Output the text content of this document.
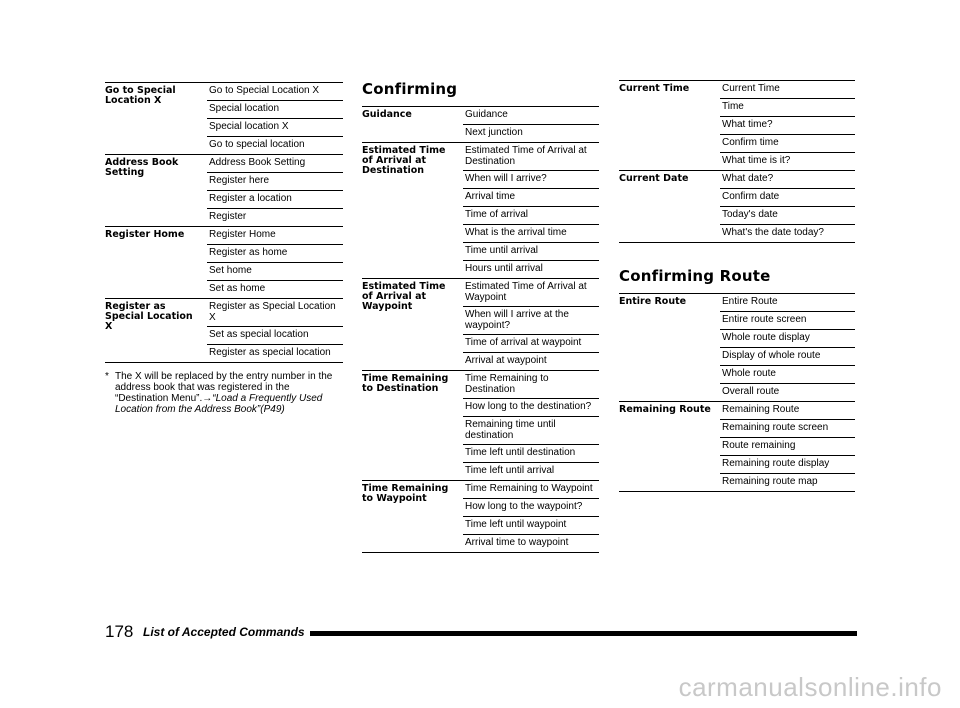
Go to Special Location X	Go to Special Location X
	Special location
	Special location X
	Go to special location
Address Book Setting	Address Book Setting
	Register here
	Register a location
	Register
Register Home	Register Home
	Register as home
	Set home
	Set as home
Register as Special Location X	Register as Special Location X
	Set as special location
	Register as special location
* The X will be replaced by the entry number in the address book that was registered in the “Destination Menu”.→“Load a Frequently Used Location from the Address Book”(P49)
Confirming
Guidance	Guidance
	Next junction
Estimated Time of Arrival at Destination	Estimated Time of Arrival at Destination
	When will I arrive?
	Arrival time
	Time of arrival
	What is the arrival time
	Time until arrival
	Hours until arrival
Estimated Time of Arrival at Waypoint	Estimated Time of Arrival at Waypoint
	When will I arrive at the waypoint?
	Time of arrival at waypoint
	Arrival at waypoint
Time Remaining to Destination	Time Remaining to Destination
	How long to the destination?
	Remaining time until destination
	Time left until destination
	Time left until arrival
Time Remaining to Waypoint	Time Remaining to Waypoint
	How long to the waypoint?
	Time left until waypoint
	Arrival time to waypoint
Current Time	Current Time
	Time
	What time?
	Confirm time
	What time is it?
Current Date	What date?
	Confirm date
	Today's date
	What's the date today?
Confirming Route
Entire Route	Entire Route
	Entire route screen
	Whole route display
	Display of whole route
	Whole route
	Overall route
Remaining Route	Remaining Route
	Remaining route screen
	Route remaining
	Remaining route display
	Remaining route map
178 List of Accepted Commands
carmanualsonline.info
